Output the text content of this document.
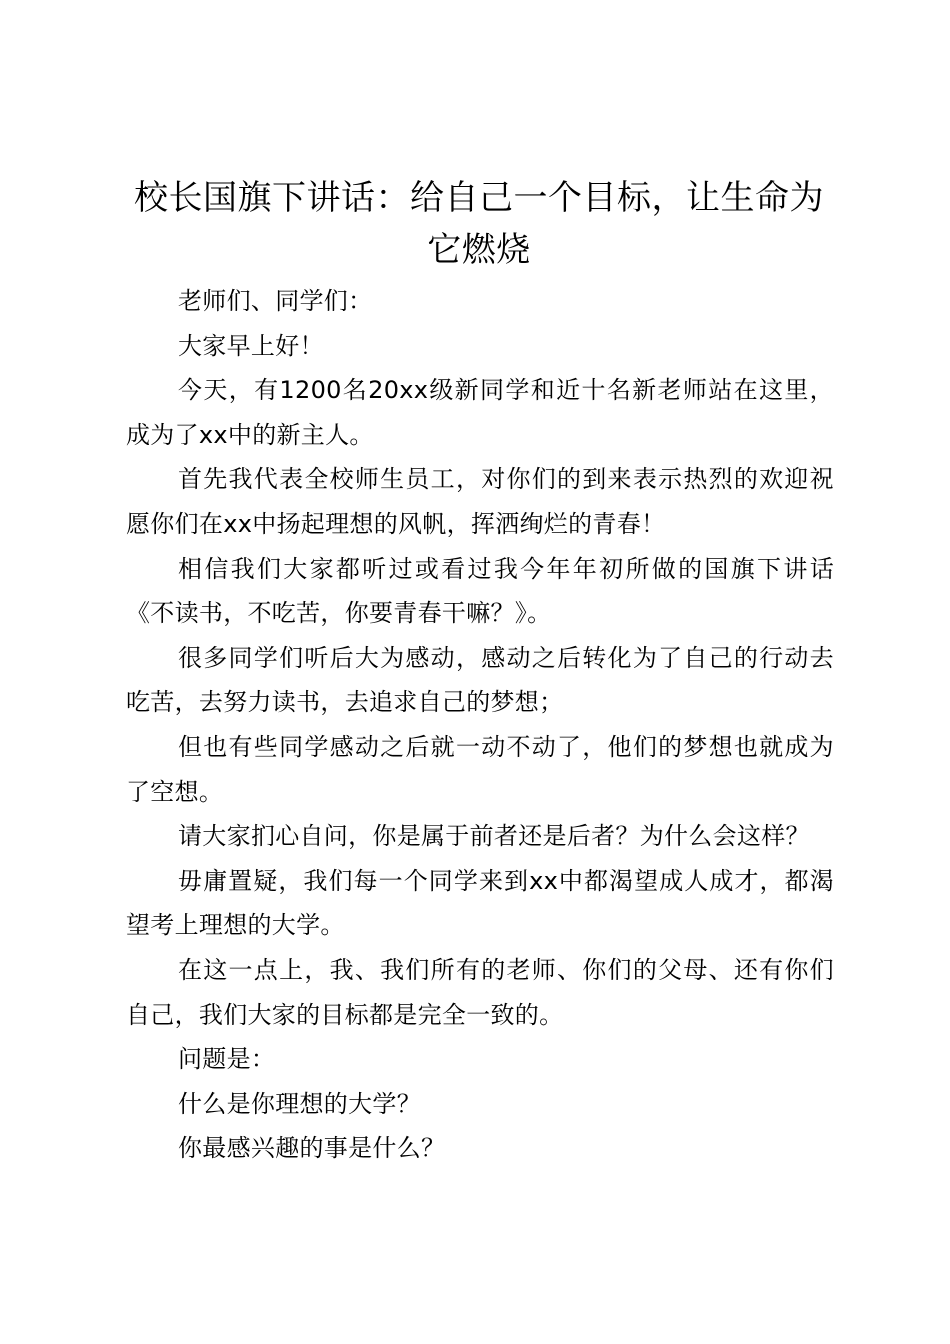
校长国旗下讲话：给自己一个目标，让生命为它燃烧

老师们、同学们：

大家早上好！

今天，有1200名20xx级新同学和近十名新老师站在这里，成为了xx中的新主人。

首先我代表全校师生员工，对你们的到来表示热烈的欢迎祝愿你们在xx中扬起理想的风帆，挥洒绚烂的青春！

相信我们大家都听过或看过我今年年初所做的国旗下讲话《不读书，不吃苦，你要青春干嘛？》。

很多同学们听后大为感动，感动之后转化为了自己的行动去吃苦，去努力读书，去追求自己的梦想；

但也有些同学感动之后就一动不动了，他们的梦想也就成为了空想。

请大家扪心自问，你是属于前者还是后者？为什么会这样？

毋庸置疑，我们每一个同学来到xx中都渴望成人成才，都渴望考上理想的大学。

在这一点上，我、我们所有的老师、你们的父母、还有你们自己，我们大家的目标都是完全一致的。

问题是：

什么是你理想的大学？

你最感兴趣的事是什么？
